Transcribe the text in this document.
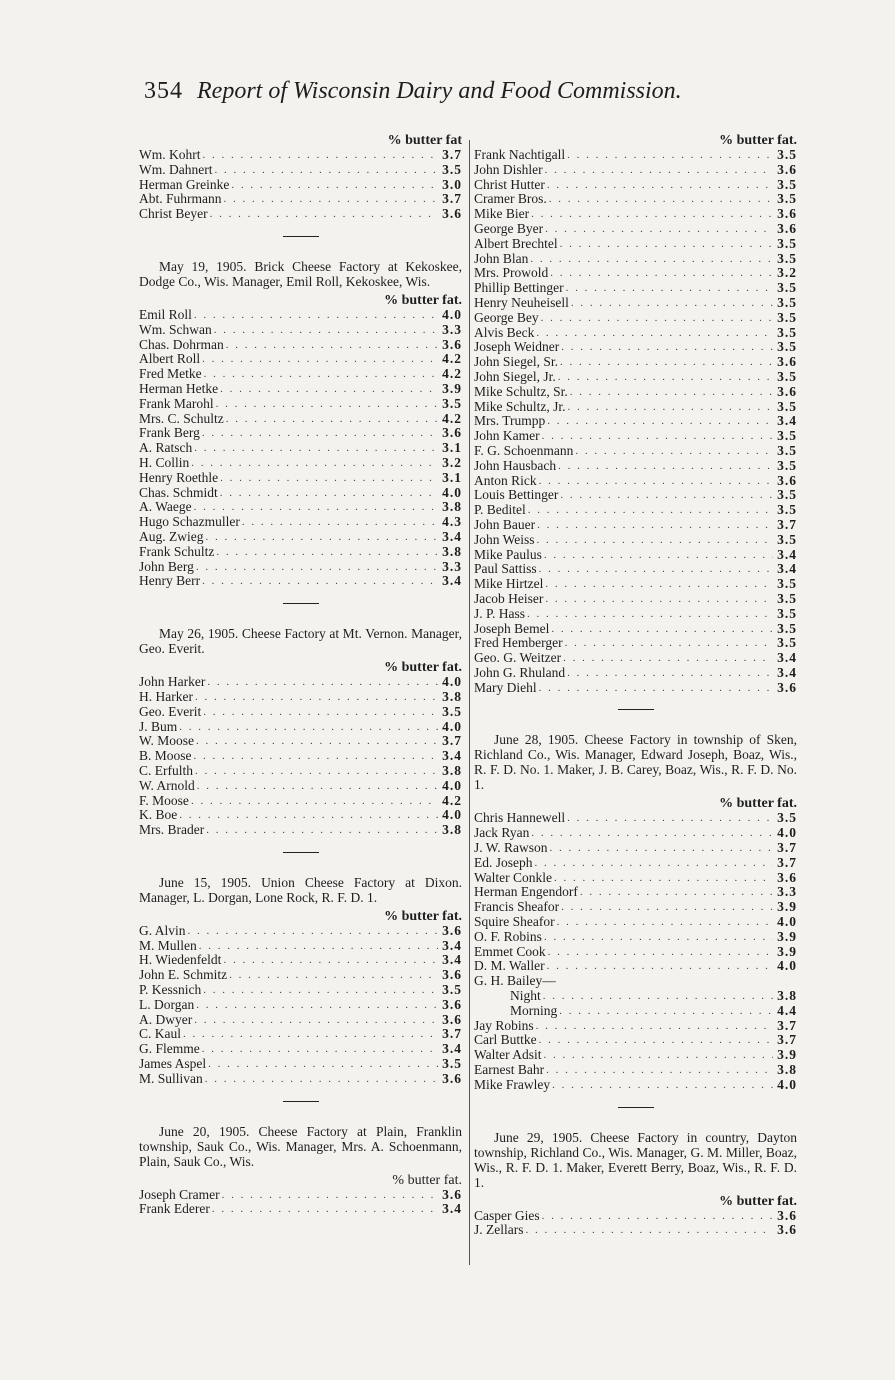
354 Report of Wisconsin Dairy and Food Commission.
% butter fat
Wm. Kohrt . . .	3.7
Wm. Dahnert . . .	3.5
Herman Greinke . . .	3.0
Abt. Fuhrmann . . .	3.7
Christ Beyer . . .	3.6
May 19, 1905. Brick Cheese Factory at Kekoskee, Dodge Co., Wis. Manager, Emil Roll, Kekoskee, Wis.
% butter fat.
Emil Roll . . .	4.0
Wm. Schwan . . .	3.3
Chas. Dohrman . . .	3.6
Albert Roll . . .	4.2
Fred Metke . . .	4.2
Herman Hetke . . .	3.9
Frank Marohl . . .	3.5
Mrs. C. Schultz . . .	4.2
Frank Berg . . .	3.6
A. Ratsch . . .	3.1
H. Collin . . .	3.2
Henry Roethle . . .	3.1
Chas. Schmidt . . .	4.0
A. Waege . . .	3.8
Hugo Schazmuller . . .	4.3
Aug. Zwieg . . .	3.4
Frank Schultz . . .	3.8
John Berg . . .	3.3
Henry Berr . . .	3.4
May 26, 1905. Cheese Factory at Mt. Vernon. Manager, Geo. Everit.
% butter fat.
John Harker . . .	4.0
H. Harker . . .	3.8
Geo. Everit . . .	3.5
J. Bum . . .	4.0
W. Moose . . .	3.7
B. Moose . . .	3.4
C. Erfulth . . .	3.8
W. Arnold . . .	4.0
F. Moose . . .	4.2
K. Boe . . .	4.0
Mrs. Brader . . .	3.8
June 15, 1905. Union Cheese Factory at Dixon. Manager, L. Dorgan, Lone Rock, R. F. D. 1.
% butter fat.
G. Alvin . . .	3.6
M. Mullen . . .	3.4
H. Wiedenfeldt . . .	3.4
John E. Schmitz . . .	3.6
P. Kessnich . . .	3.5
L. Dorgan . . .	3.6
A. Dwyer . . .	3.6
C. Kaul . . .	3.7
G. Flemme . . .	3.4
James Aspel . . .	3.5
M. Sullivan . . .	3.6
June 20, 1905. Cheese Factory at Plain, Franklin township, Sauk Co., Wis. Manager, Mrs. A. Schoenmann, Plain, Sauk Co., Wis.
% butter fat.
Joseph Cramer . . .	3.6
Frank Ederer . . .	3.4
% butter fat.
Frank Nachtigall . . .	3.5
John Dishler . . .	3.6
Christ Hutter . . .	3.5
Cramer Bros. . . .	3.5
Mike Bier . . .	3.6
George Byer . . .	3.6
Albert Brechtel . . .	3.5
John Blan . . .	3.5
Mrs. Prowold . . .	3.2
Phillip Bettinger . . .	3.5
Henry Neuheisell . . .	3.5
George Bey . . .	3.5
Alvis Beck . . .	3.5
Joseph Weidner . . .	3.5
John Siegel, Sr. . . .	3.6
John Siegel, Jr. . . .	3.5
Mike Schultz, Sr. . . .	3.6
Mike Schultz, Jr. . . .	3.5
Mrs. Trumpp . . .	3.4
John Kamer . . .	3.5
F. G. Schoenmann . . .	3.5
John Hausbach . . .	3.5
Anton Rick . . .	3.6
Louis Bettinger . . .	3.5
P. Beditel . . .	3.5
John Bauer . . .	3.7
John Weiss . . .	3.5
Mike Paulus . . .	3.4
Paul Sattiss . . .	3.4
Mike Hirtzel . . .	3.5
Jacob Heiser . . .	3.5
J. P. Hass . . .	3.5
Joseph Bemel . . .	3.5
Fred Hemberger . . .	3.5
Geo. G. Weitzer . . .	3.4
John G. Rhuland . . .	3.4
Mary Diehl . . .	3.6
June 28, 1905. Cheese Factory in township of Sken, Richland Co., Wis. Manager, Edward Joseph, Boaz, Wis., R. F. D. No. 1. Maker, J. B. Carey, Boaz, Wis., R. F. D. No. 1.
% butter fat.
Chris Hannewell . . .	3.5
Jack Ryan . . .	4.0
J. W. Rawson . . .	3.7
Ed. Joseph . . .	3.7
Walter Conkle . . .	3.6
Herman Engendorf . . .	3.3
Francis Sheafor . . .	3.9
Squire Sheafor . . .	4.0
O. F. Robins . . .	3.9
Emmet Cook . . .	3.9
D. M. Waller . . .	4.0
G. H. Bailey—
Night . . .	3.8
Morning . . .	4.4
Jay Robins . . .	3.7
Carl Buttke . . .	3.7
Walter Adsit . . .	3.9
Earnest Bahr . . .	3.8
Mike Frawley . . .	4.0
June 29, 1905. Cheese Factory in country, Dayton township, Richland Co., Wis. Manager, G. M. Miller, Boaz, Wis., R. F. D. 1. Maker, Everett Berry, Boaz, Wis., R. F. D. 1.
% butter fat.
Casper Gies . . .	3.6
J. Zellars . . .	3.6
